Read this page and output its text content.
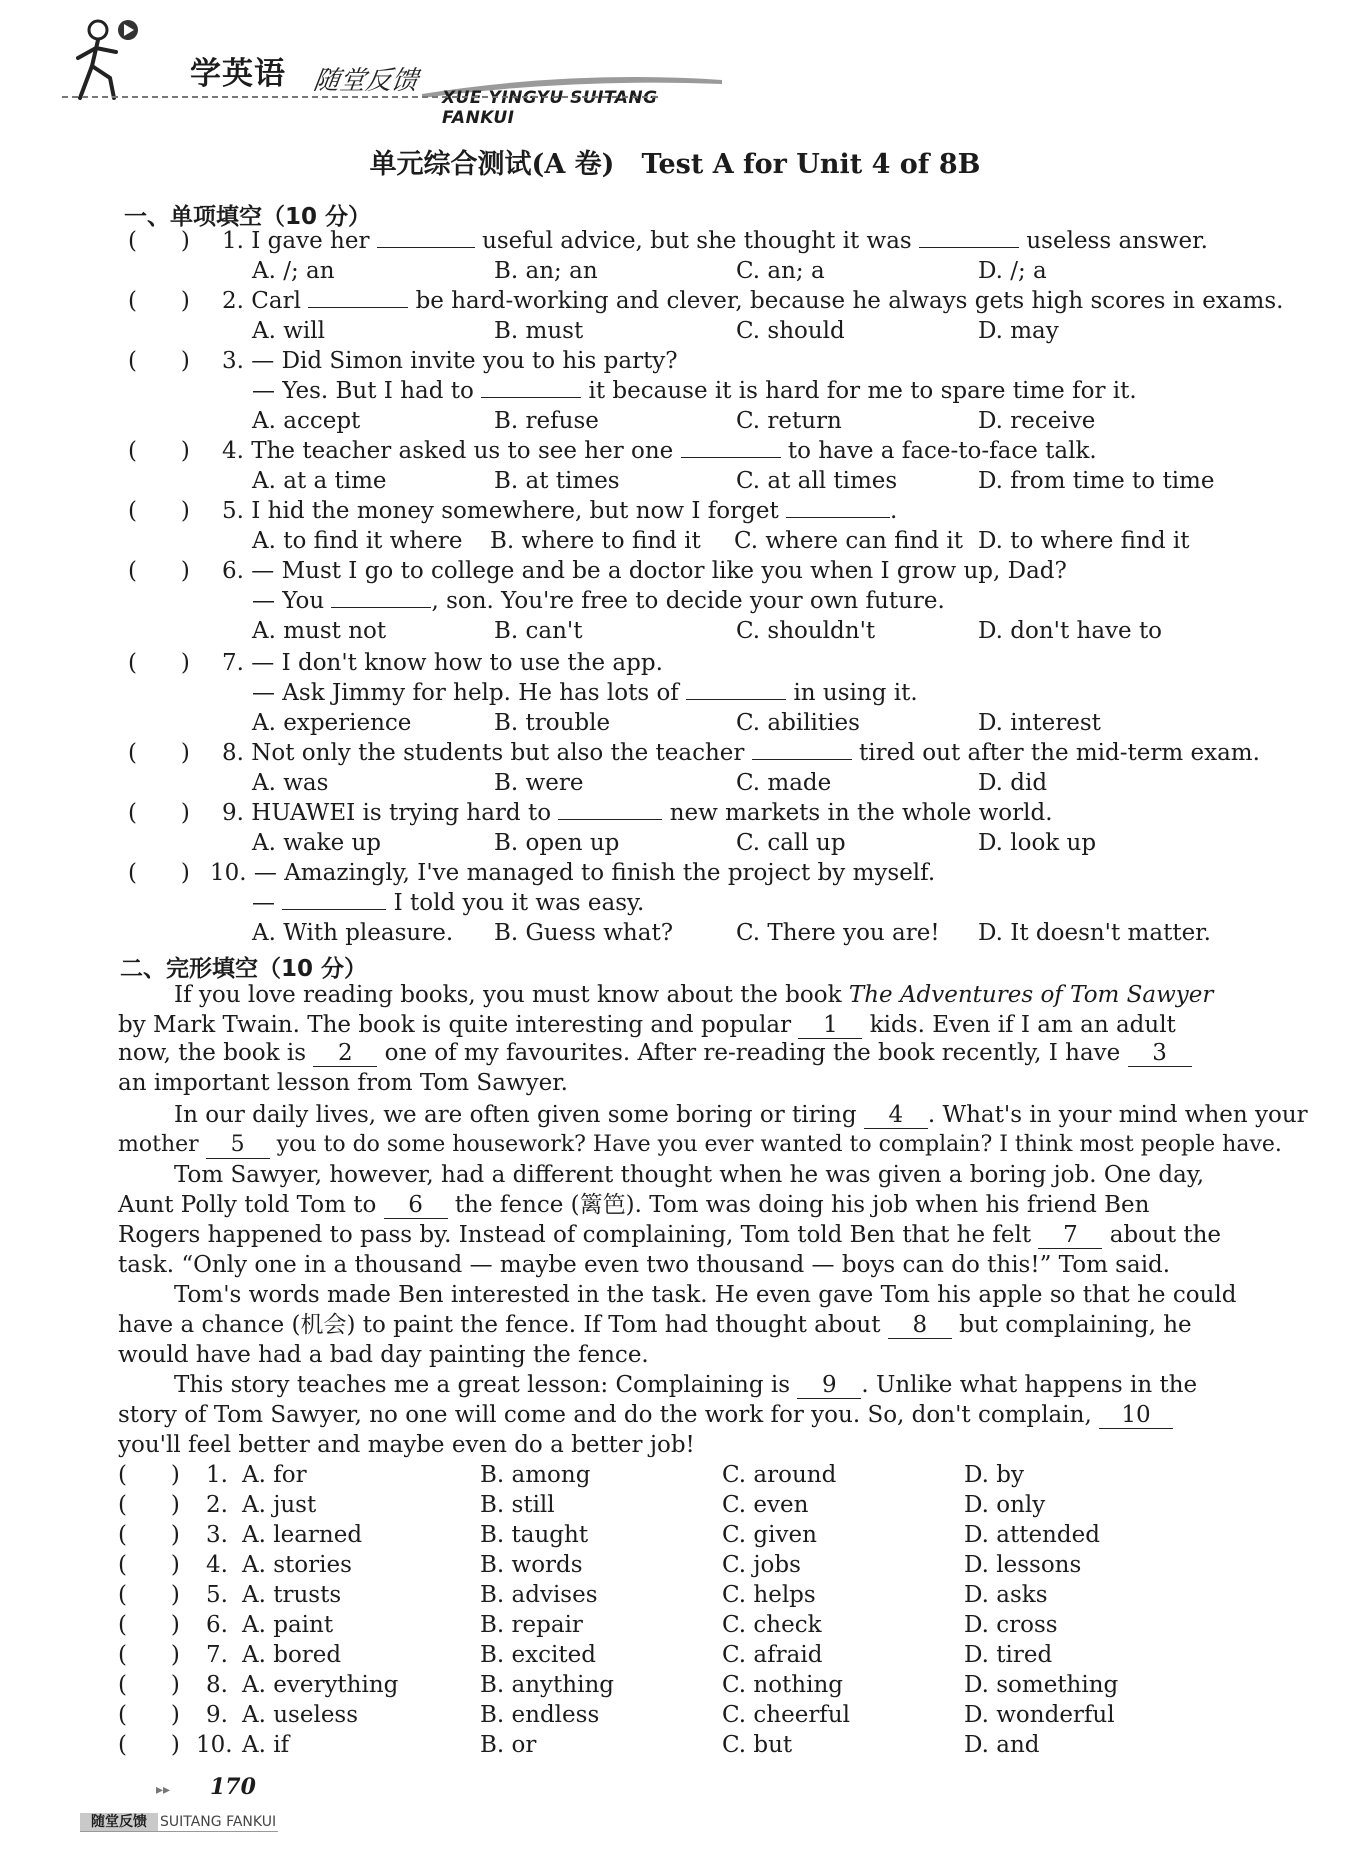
学英语 随堂反馈
XUE YINGYU SUITANG FANKUI
单元综合测试(A 卷)　Test A for Unit 4 of 8B
一、单项填空（10 分）
(      ) 1. I gave her	useful advice, but she thought it was	useless answer.
A. /; an	B. an; an	C. an; a	D. /; a
(      ) 2. Carl	be hard-working and clever, because he always gets high scores in exams.
A. will	B. must	C. should	D. may
(      ) 3. — Did Simon invite you to his party?
— Yes. But I had to	it because it is hard for me to spare time for it.
A. accept	B. refuse	C. return	D. receive
(      ) 4. The teacher asked us to see her one	to have a face-to-face talk.
A. at a time	B. at times	C. at all times	D. from time to time
(      ) 5. I hid the money somewhere, but now I forget	.
A. to find it where B. where to find it C. where can find it D. to where find it
(      ) 6. — Must I go to college and be a doctor like you when I grow up, Dad?
— You	, son. You're free to decide your own future.
A. must not	B. can't	C. shouldn't	D. don't have to
(      ) 7. — I don't know how to use the app.
— Ask Jimmy for help. He has lots of	in using it.
A. experience	B. trouble	C. abilities	D. interest
(      ) 8. Not only the students but also the teacher	tired out after the mid-term exam.
A. was	B. were	C. made	D. did
(      ) 9. HUAWEI is trying hard to	new markets in the whole world.
A. wake up	B. open up	C. call up	D. look up
(      ) 10. — Amazingly, I've managed to finish the project by myself.
—	I told you it was easy.
A. With pleasure. B. Guess what?	C. There you are! D. It doesn't matter.
二、完形填空（10 分）
If you love reading books, you must know about the book The Adventures of Tom Sawyer
by Mark Twain. The book is quite interesting and popular 1 kids. Even if I am an adult
now, the book is 2 one of my favourites. After re-reading the book recently, I have 3
an important lesson from Tom Sawyer.
In our daily lives, we are often given some boring or tiring 4 . What's in your mind when your
mother 5 you to do some housework? Have you ever wanted to complain? I think most people have.
Tom Sawyer, however, had a different thought when he was given a boring job. One day,
Aunt Polly told Tom to 6 the fence (篱笆). Tom was doing his job when his friend Ben
Rogers happened to pass by. Instead of complaining, Tom told Ben that he felt 7 about the
task. “Only one in a thousand — maybe even two thousand — boys can do this!” Tom said.
Tom's words made Ben interested in the task. He even gave Tom his apple so that he could
have a chance (机会) to paint the fence. If Tom had thought about 8 but complaining, he
would have had a bad day painting the fence.
This story teaches me a great lesson: Complaining is 9 . Unlike what happens in the
story of Tom Sawyer, no one will come and do the work for you. So, don't complain, 10
you'll feel better and maybe even do a better job!
(      ) 1. A. for	B. among	C. around	D. by
(      ) 2. A. just	B. still	C. even	D. only
(      ) 3. A. learned	B. taught	C. given	D. attended
(      ) 4. A. stories	B. words	C. jobs	D. lessons
(      ) 5. A. trusts	B. advises	C. helps	D. asks
(      ) 6. A. paint	B. repair	C. check	D. cross
(      ) 7. A. bored	B. excited	C. afraid	D. tired
(      ) 8. A. everything	B. anything	C. nothing	D. something
(      ) 9. A. useless	B. endless	C. cheerful	D. wonderful
(      ) 10. A. if	B. or	C. but	D. and
▸▸ 170
随堂反馈 SUITANG FANKUI
